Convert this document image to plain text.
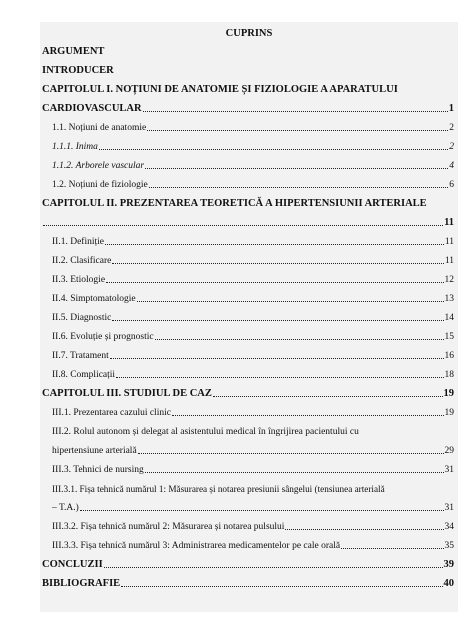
CUPRINS
ARGUMENT
INTRODUCER
CAPITOLUL I. NOȚIUNI DE ANATOMIE ȘI FIZIOLOGIE A APARATULUI
CARDIOVASCULAR	1
1.1. Noțiuni de anatomie	2
1.1.1. Inima	2
1.1.2. Arborele vascular	4
1.2. Noțiuni de fiziologie	6
CAPITOLUL II. PREZENTAREA TEORETICĂ A HIPERTENSIUNII ARTERIALE
11
II.1. Definiție	11
II.2. Clasificare	11
II.3. Etiologie	12
II.4. Simptomatologie	13
II.5. Diagnostic	14
II.6. Evoluție și prognostic	15
II.7. Tratament	16
II.8. Complicații	18
CAPITOLUL III. STUDIUL DE CAZ	19
III.1. Prezentarea cazului clinic	19
III.2. Rolul autonom și delegat al asistentului medical în îngrijirea pacientului cu
hipertensiune arterială	29
III.3. Tehnici de nursing	31
III.3.1. Fișa tehnică numărul 1: Măsurarea și notarea presiunii sângelui (tensiunea arterială
– T.A.)	31
III.3.2. Fișa tehnică numărul 2: Măsurarea și notarea pulsului	34
III.3.3. Fișa tehnică numărul 3: Administrarea medicamentelor pe cale orală	35
CONCLUZII	39
BIBLIOGRAFIE	40
